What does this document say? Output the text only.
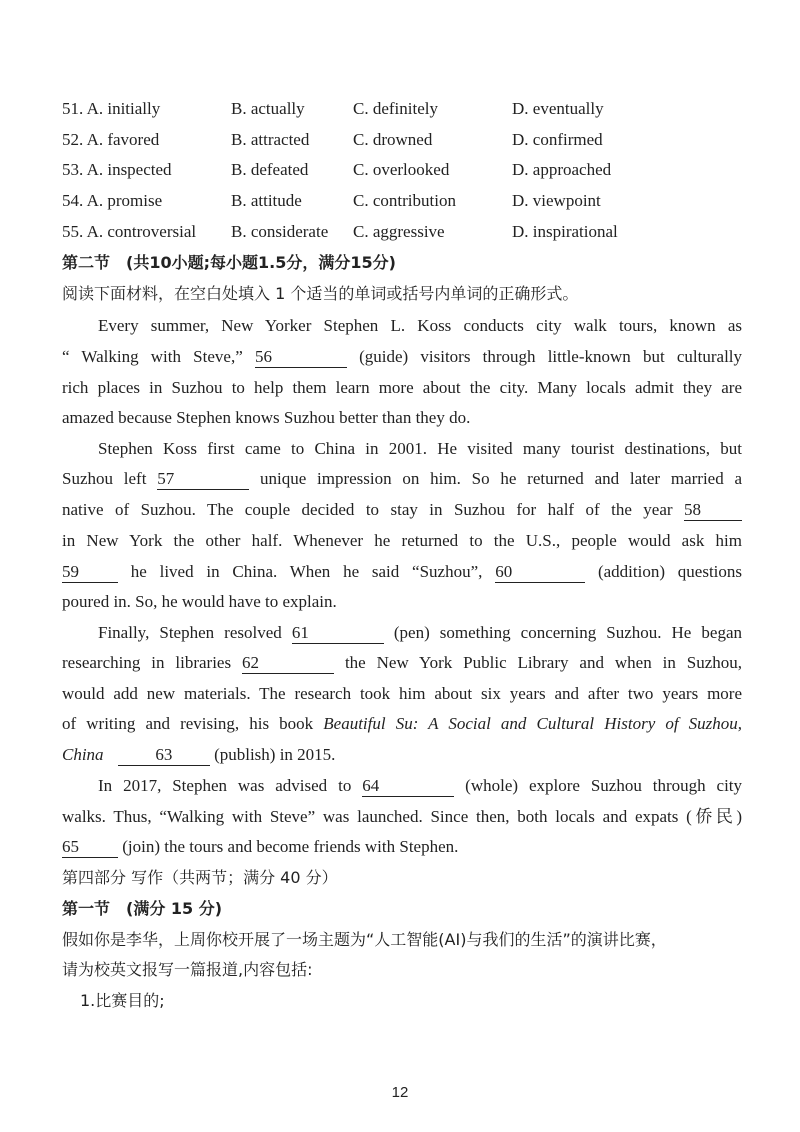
51. A. initially	B. actually	C. definitely	D. eventually
52. A. favored	B. attracted	C. drowned	D. confirmed
53. A. inspected	B. defeated	C. overlooked	D. approached
54. A. promise	B. attitude	C. contribution	D. viewpoint
55. A. controversial B. considerate C. aggressive	D. inspirational
第二节　(共10小题;每小题1.5分，满分15分)
阅读下面材料，在空白处填入 1 个适当的单词或括号内单词的正确形式。
Every summer, New Yorker Stephen L. Koss conducts city walk tours, known as
“ Walking with Steve,” 56	(guide) visitors through little-known but culturally
rich places in Suzhou to help them learn more about the city. Many locals admit they are
amazed because Stephen knows Suzhou better than they do.
Stephen Koss first came to China in 2001. He visited many tourist destinations, but
Suzhou left 57	unique impression on him. So he returned and later married a
native of Suzhou. The couple decided to stay in Suzhou for half of the year 58
in New York the other half. Whenever he returned to the U.S., people would ask him
59	he lived in China. When he said “Suzhou”, 60	(addition) questions
poured in. So, he would have to explain.
Finally, Stephen resolved 61	(pen) something concerning Suzhou. He began
researching in libraries 62	the New York Public Library and when in Suzhou,
would add new materials. The research took him about six years and after two years more
of writing and revising, his book Beautiful Su: A Social and Cultural History of Suzhou,
China	63 (publish) in 2015.
In 2017, Stephen was advised to 64	(whole) explore Suzhou through city
walks. Thus, “Walking with Steve” was launched. Since then, both locals and expats (侨民)
65	(join) the tours and become friends with Stephen.
第四部分 写作（共两节；满分 40 分）
第一节　(满分 15 分)
假如你是李华，上周你校开展了一场主题为“人工智能(AI)与我们的生活”的演讲比赛，
请为校英文报写一篇报道,内容包括:
1.比赛目的;
12
